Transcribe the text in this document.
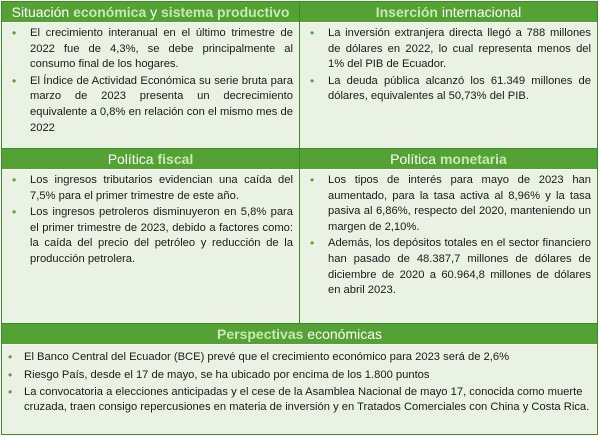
Situación económica y sistema productivo	Inserción internacional
• El crecimiento interanual en el último trimestre de 2022 fue de 4,3%, se debe principalmente al consumo final de los hogares.
• El Índice de Actividad Económica su serie bruta para marzo de 2023 presenta un decrecimiento equivalente a 0,8% en relación con el mismo mes de 2022
• La inversión extranjera directa llegó a 788 millones de dólares en 2022, lo cual representa menos del 1% del PIB de Ecuador.
• La deuda pública alcanzó los 61.349 millones de dólares, equivalentes al 50,73% del PIB.
Política fiscal	Política monetaria
• Los ingresos tributarios evidencian una caída del 7,5% para el primer trimestre de este año.
• Los ingresos petroleros disminuyeron en 5,8% para el primer trimestre de 2023, debido a factores como: la caída del precio del petróleo y reducción de la producción petrolera.
• Los tipos de interés para mayo de 2023 han aumentado, para la tasa activa al 8,96% y la tasa pasiva al 6,86%, respecto del 2020, manteniendo un margen de 2,10%.
• Además, los depósitos totales en el sector financiero han pasado de 48.387,7 millones de dólares de diciembre de 2020 a 60.964,8 millones de dólares en abril 2023.
Perspectivas económicas
• El Banco Central del Ecuador (BCE) prevé que el crecimiento económico para 2023 será de 2,6%
• Riesgo País, desde el 17 de mayo, se ha ubicado por encima de los 1.800 puntos
• La convocatoria a elecciones anticipadas y el cese de la Asamblea Nacional de mayo 17, conocida como muerte cruzada, traen consigo repercusiones en materia de inversión y en Tratados Comerciales con China y Costa Rica.
